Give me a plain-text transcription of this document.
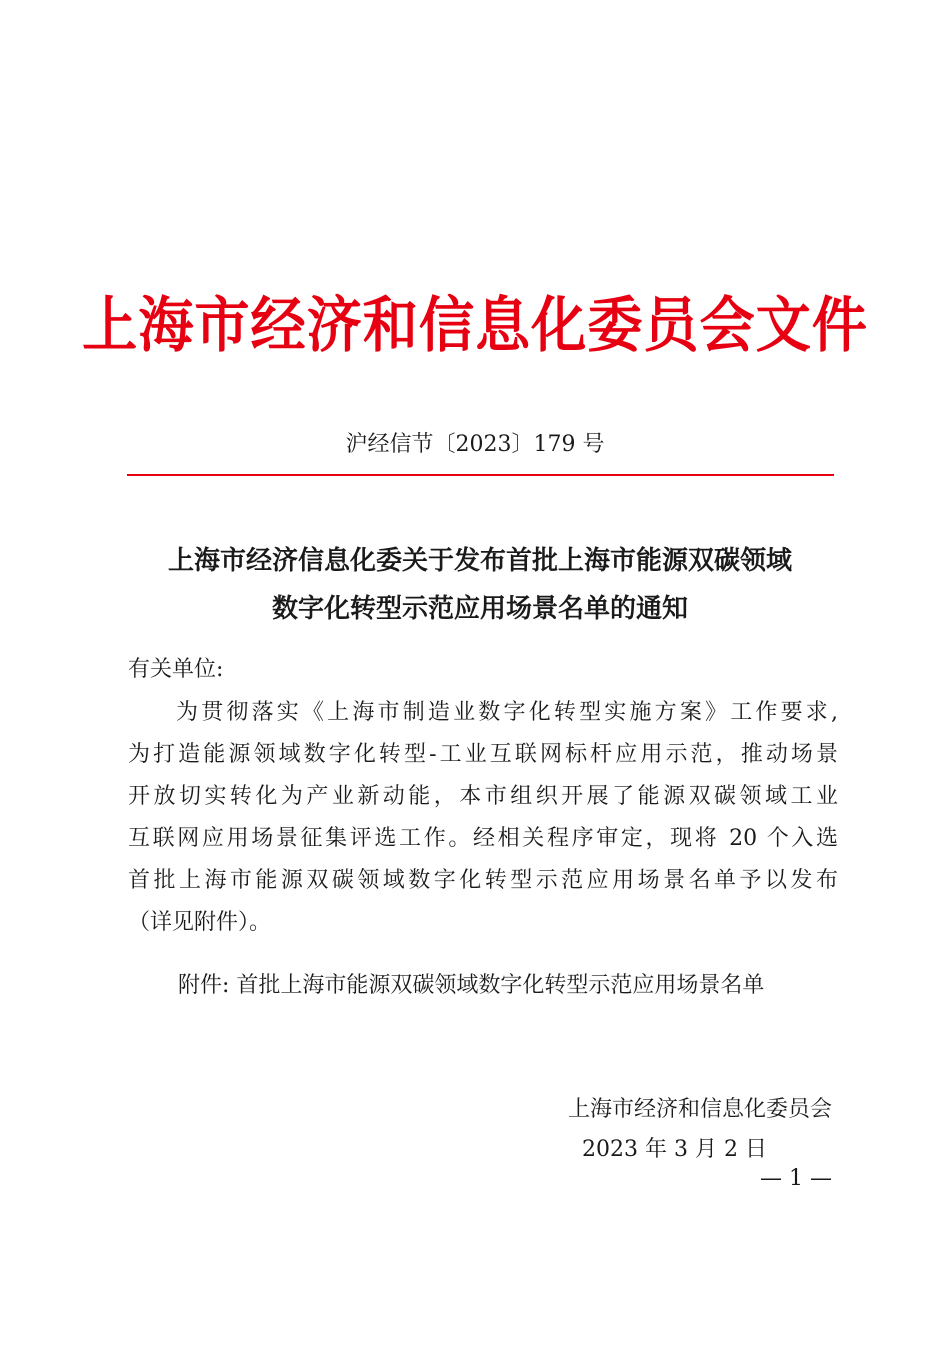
上海市经济和信息化委员会文件
沪经信节〔2023〕179 号
上海市经济信息化委关于发布首批上海市能源双碳领域
数字化转型示范应用场景名单的通知
有关单位:
为贯彻落实《上海市制造业数字化转型实施方案》工作要求,
为打造能源领域数字化转型-工业互联网标杆应用示范，推动场景
开放切实转化为产业新动能，本市组织开展了能源双碳领域工业
互联网应用场景征集评选工作。经相关程序审定，现将 20 个入选
首批上海市能源双碳领域数字化转型示范应用场景名单予以发布
（详见附件）。
附件: 首批上海市能源双碳领域数字化转型示范应用场景名单
上海市经济和信息化委员会
2023 年 3 月 2 日
— 1 —
